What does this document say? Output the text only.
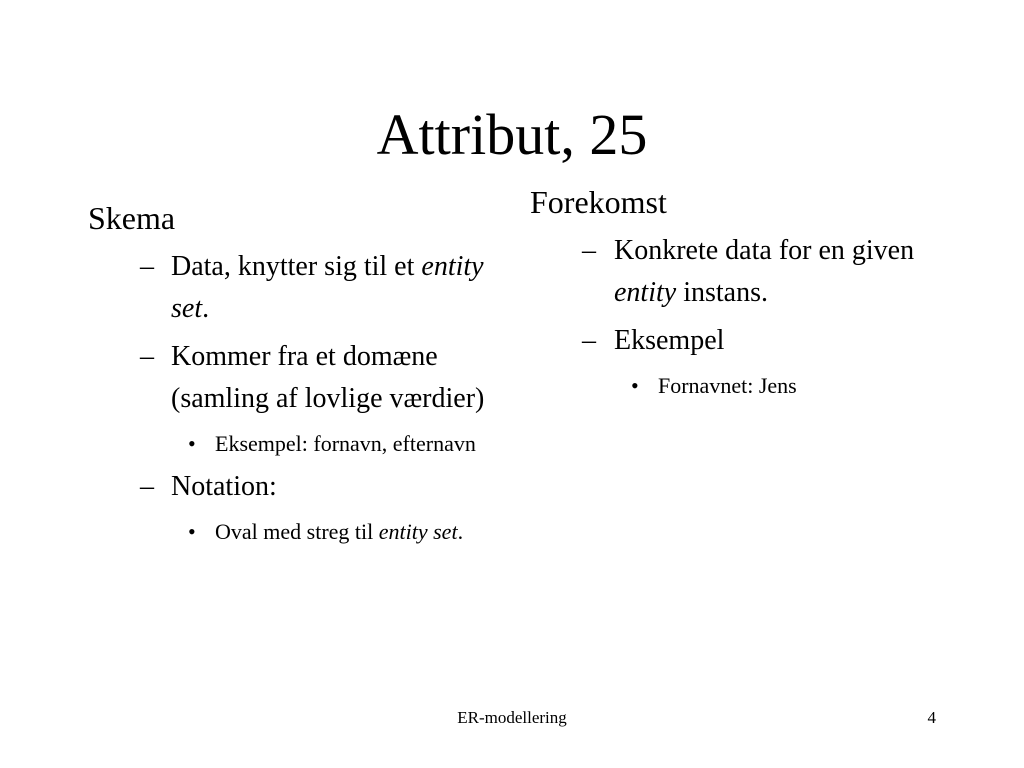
Attribut, 25

Skema

– Data, knytter sig til et entity set.
– Kommer fra et domæne (samling af lovlige værdier)
• Eksempel: fornavn, efternavn
– Notation:
• Oval med streg til entity set.

Forekomst

– Konkrete data for en given entity instans.
– Eksempel
• Fornavnet: Jens
ER-modellering	4
